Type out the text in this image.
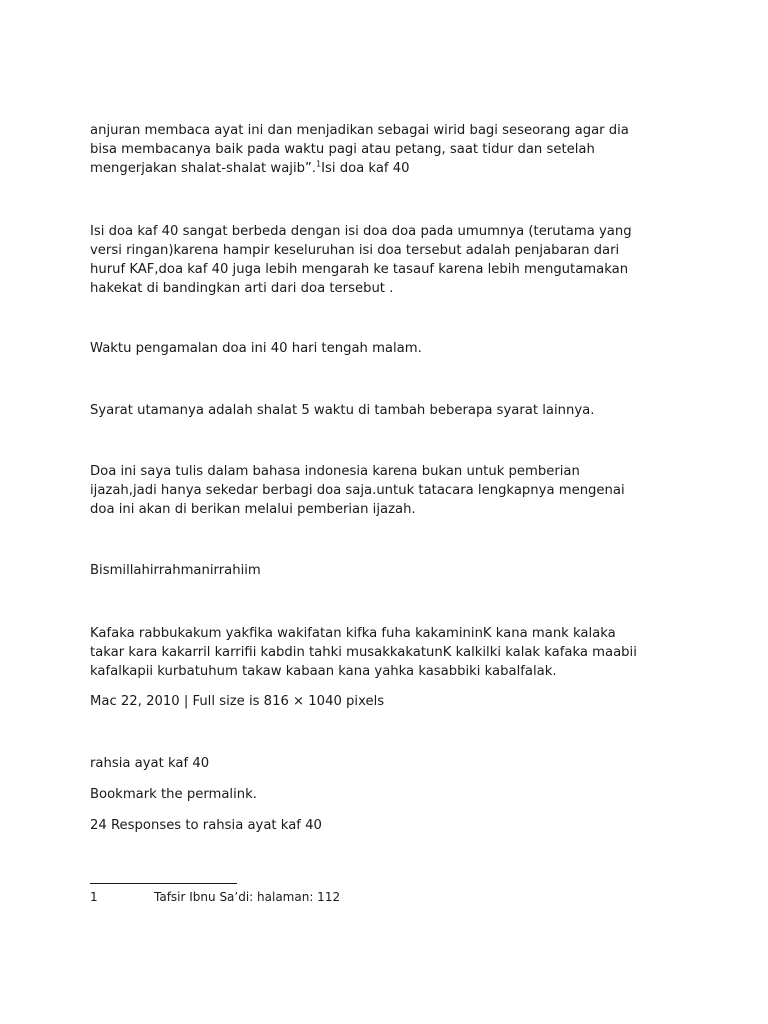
anjuran membaca ayat ini dan menjadikan sebagai wirid bagi seseorang agar dia
bisa membacanya baik pada waktu pagi atau petang, saat tidur dan setelah
mengerjakan shalat-shalat wajib”.$^1$Isi doa kaf 40
Isi doa kaf 40 sangat berbeda dengan isi doa doa pada umumnya (terutama yang
versi ringan)karena hampir keseluruhan isi doa tersebut adalah penjabaran dari
huruf KAF,doa kaf 40 juga lebih mengarah ke tasauf karena lebih mengutamakan
hakekat di bandingkan arti dari doa tersebut .
Waktu pengamalan doa ini 40 hari tengah malam.
Syarat utamanya adalah shalat 5 waktu di tambah beberapa syarat lainnya.
Doa ini saya tulis dalam bahasa indonesia karena bukan untuk pemberian
ijazah,jadi hanya sekedar berbagi doa saja.untuk tatacara lengkapnya mengenai
doa ini akan di berikan melalui pemberian ijazah.
Bismillahirrahmanirrahiim
Kafaka rabbukakum yakfika wakifatan kifka fuha kakamininK kana mank kalaka
takar kara kakarril karrifii kabdin tahki musakkakatunK kalkilki kalak kafaka maabii
kafalkapii kurbatuhum takaw kabaan kana yahka kasabbiki kabalfalak.
Mac 22, 2010 | Full size is 816 × 1040 pixels
rahsia ayat kaf 40
Bookmark the permalink.
24 Responses to rahsia ayat kaf 40
1	Tafsir Ibnu Sa’di: halaman: 112
